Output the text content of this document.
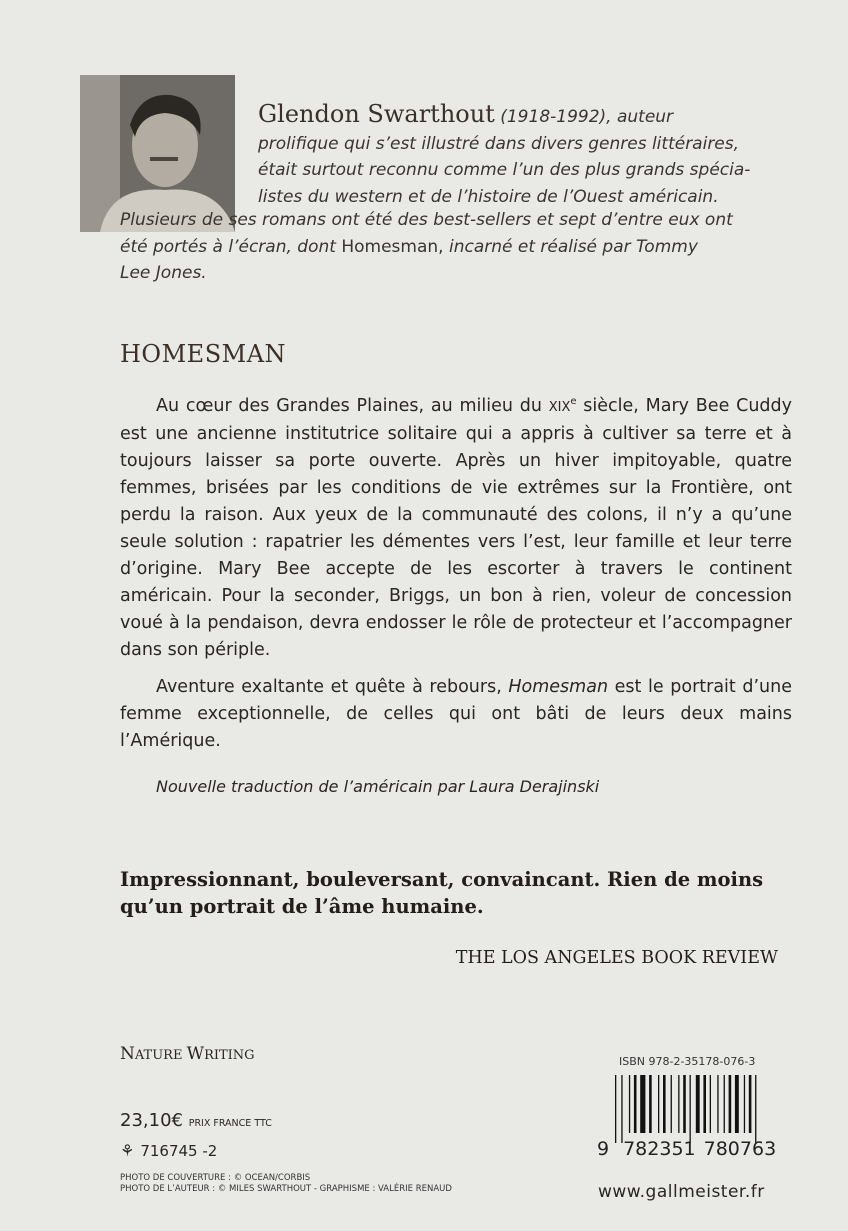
Glendon Swarthout (1918-1992), auteur
prolifique qui s’est illustré dans divers genres littéraires,
était surtout reconnu comme l’un des plus grands spécia-
listes du western et de l’histoire de l’Ouest américain.
Plusieurs de ses romans ont été des best-sellers et sept d’entre eux ont
été portés à l’écran, dont Homesman, incarné et réalisé par Tommy
Lee Jones.
HOMESMAN

Au cœur des Grandes Plaines, au milieu du XIXe siècle, Mary Bee Cuddy est une ancienne institutrice solitaire qui a appris à cultiver sa terre et à toujours laisser sa porte ouverte. Après un hiver impitoyable, quatre femmes, brisées par les conditions de vie extrêmes sur la Frontière, ont perdu la raison. Aux yeux de la communauté des colons, il n’y a qu’une seule solution : rapatrier les démentes vers l’est, leur famille et leur terre d’origine. Mary Bee accepte de les escorter à travers le continent américain. Pour la seconder, Briggs, un bon à rien, voleur de concession voué à la pendaison, devra endosser le rôle de protecteur et l’accompagner dans son périple.

Aventure exaltante et quête à rebours, Homesman est le portrait d’une femme exceptionnelle, de celles qui ont bâti de leurs deux mains l’Amérique.

Nouvelle traduction de l’américain par Laura Derajinski

Impressionnant, bouleversant, convaincant. Rien de moins qu’un portrait de l’âme humaine.
THE LOS ANGELES BOOK REVIEW
NATURE WRITING
23,10€ PRIX FRANCE TTC
⚘ 716745 -2
PHOTO DE COUVERTURE : © OCEAN/CORBIS
PHOTO DE L’AUTEUR : © MILES SWARTHOUT - GRAPHISME : VALÉRIE RENAUD
ISBN 978-2-35178-076-3
9 782351 780763
www.gallmeister.fr
